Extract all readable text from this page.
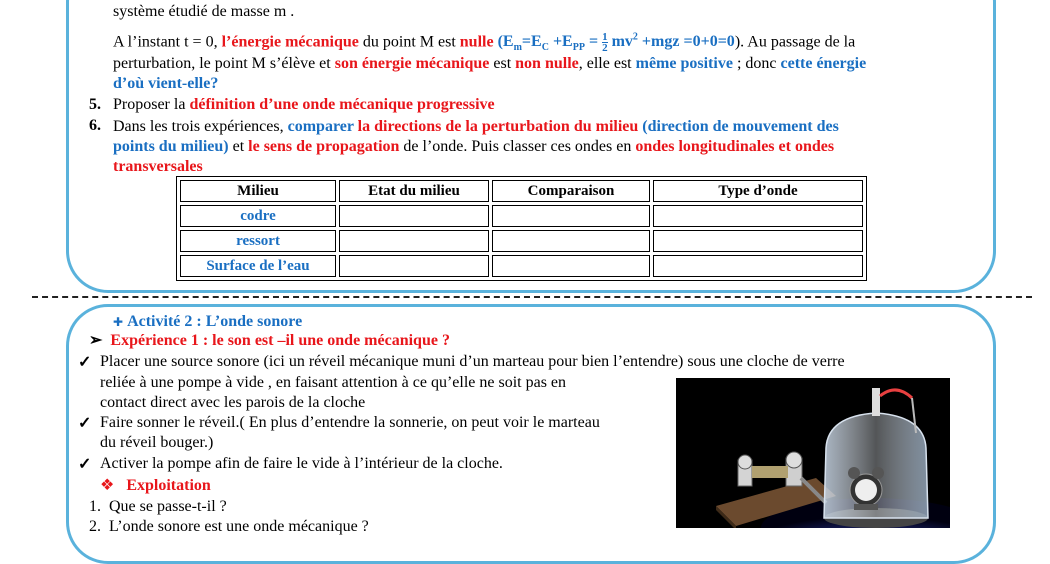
système étudié de masse m .
A l’instant t = 0, l’énergie mécanique du point M est nulle $(E_m=E_C +E_{PP} = \frac{1}{2} mv^2 +mgz =0+0=0)$. Au passage de la
perturbation, le point M s’élève et son énergie mécanique est non nulle, elle est même positive ; donc cette énergie
d’où vient-elle?
5. Proposer la définition d’une onde mécanique progressive
6. Dans les trois expériences, comparer la directions de la perturbation du milieu (direction de mouvement des
points du milieu) et le sens de propagation de l’onde. Puis classer ces ondes en ondes longitudinales et ondes
transversales
Milieu	Etat du milieu	Comparaison	Type d’onde
codre			
ressort			
Surface de l’eau			
✚ Activité 2 : L’onde sonore
➢ Expérience 1 : le son est –il une onde mécanique ?
✓ Placer une source sonore (ici un réveil mécanique muni d’un marteau pour bien l’entendre) sous une cloche de verre
reliée à une pompe à vide , en faisant attention à ce qu’elle ne soit pas en
contact direct avec les parois de la cloche
✓ Faire sonner le réveil.( En plus d’entendre la sonnerie, on peut voir le marteau
du réveil bouger.)
✓ Activer la pompe afin de faire le vide à l’intérieur de la cloche.
❖ Exploitation
1. Que se passe-t-il ?
2. L’onde sonore est une onde mécanique ?
